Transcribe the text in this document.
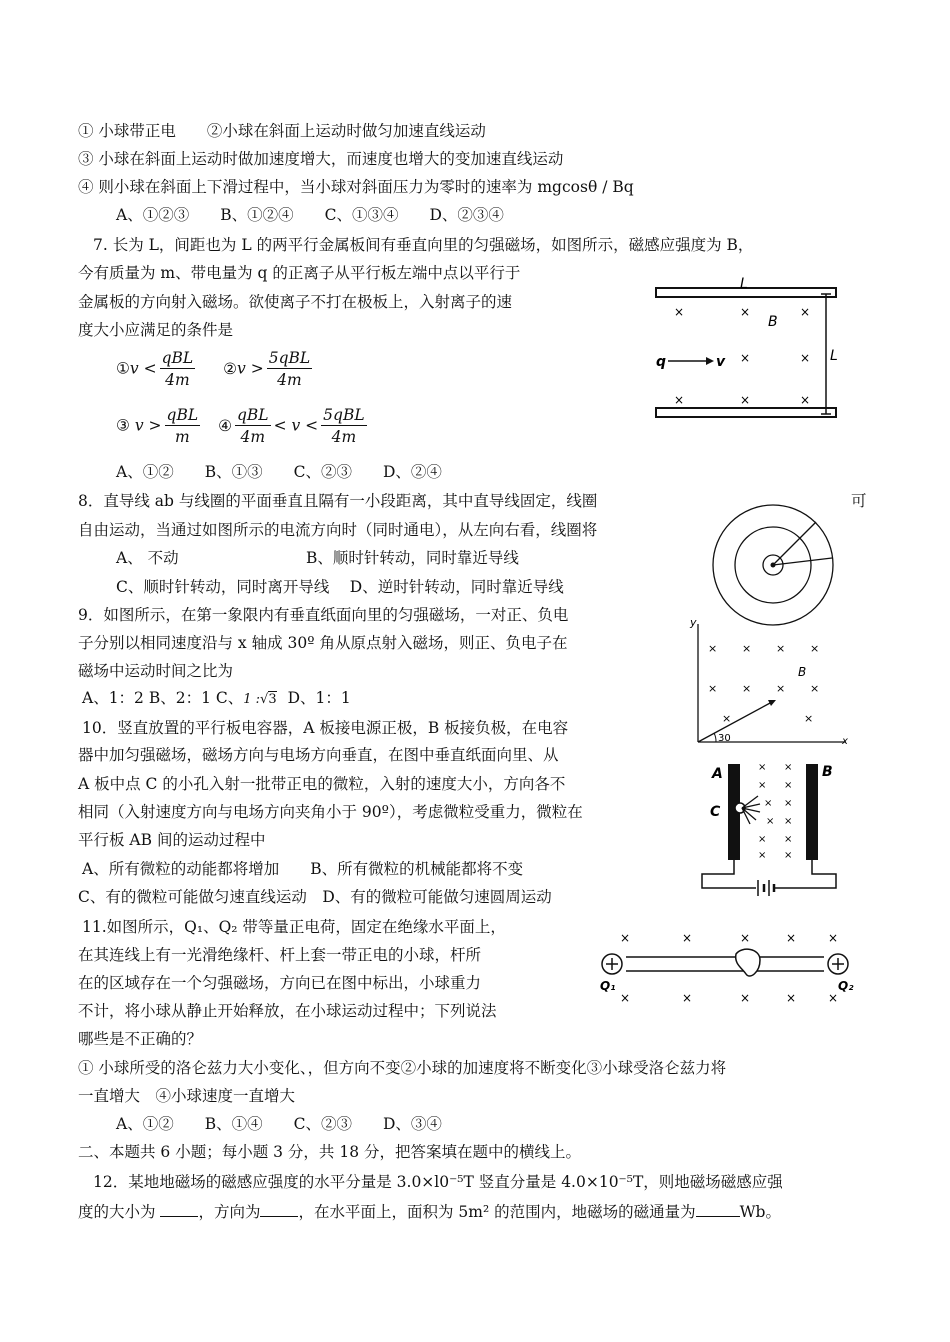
① 小球带正电 ②小球在斜面上运动时做匀加速直线运动
③ 小球在斜面上运动时做加速度增大，而速度也增大的变加速直线运动
④ 则小球在斜面上下滑过程中，当小球对斜面压力为零时的速率为 mgcosθ / Bq
A、①②③　　B、①②④　　C、①③④　　D、②③④
7. 长为 L，间距也为 L 的两平行金属板间有垂直向里的匀强磁场，如图所示，磁感应强度为 B，
今有质量为 m、带电量为 q 的正离子从平行板左端中点以平行于
金属板的方向射入磁场。欲使离子不打在极板上，入射离子的速
度大小应满足的条件是
①v < $\frac{\text{qBL}}{4m}$ ②v > $\frac{\text{5qBL}}{4m}$
③ $v > \frac{\text{qBL}}{m}$ ④ $\frac{\text{qBL}}{4m} < v < \frac{\text{5qBL}}{4m}$
A、①②　　B、①③　　C、②③　　D、②④
L
×	×	×
×	×
×	×	×
B
q	v	L
8．直导线 ab 与线圈的平面垂直且隔有一小段距离，其中直导线固定，线圈	可
自由运动，当通过如图所示的电流方向时（同时通电），从左向右看，线圈将
A、 不动	B、顺时针转动，同时靠近导线
C、顺时针转动，同时离开导线　 D、逆时针转动，同时靠近导线
9．如图所示，在第一象限内有垂直纸面向里的匀强磁场，一对正、负电
子分别以相同速度沿与 x 轴成 30º 角从原点射入磁场，则正、负电子在
磁场中运动时间之比为
A、1：2 B、2：1 C、1 :√3 D、1：1
y
x
× × × ×
× × × ×
×	×
B
30
10．竖直放置的平行板电容器，A 板接电源正极，B 板接负极，在电容
器中加匀强磁场，磁场方向与电场方向垂直，在图中垂直纸面向里、从
A 板中点 C 的小孔入射一批带正电的微粒，入射的速度大小，方向各不
相同（入射速度方向与电场方向夹角小于 90º），考虑微粒受重力，微粒在
平行板 AB 间的运动过程中
A、所有微粒的动能都将增加　　B、所有微粒的机械能都将不变
C、有的微粒可能做匀速直线运动　D、有的微粒可能做匀速圆周运动
A	B
C
× ×
× ×
× ×
× ×
× ×
× ×
11.如图所示，Q₁、Q₂ 带等量正电荷，固定在绝缘水平面上，
在其连线上有一光滑绝缘杆、杆上套一带正电的小球，杆所
在的区域存在一个匀强磁场，方向已在图中标出，小球重力
不计，将小球从静止开始释放，在小球运动过程中；下列说法
哪些是不正确的？
① 小球所受的洛仑兹力大小变化、，但方向不变②小球的加速度将不断变化③小球受洛仑兹力将
一直增大　④小球速度一直增大
A、①②　　B、①④　　C、②③　　D、③④
×	×	×	×	×
×	×	×	×	×
Q₁	Q₂
二、本题共 6 小题；每小题 3 分，共 18 分，把答案填在题中的横线上。
12．某地地磁场的磁感应强度的水平分量是 3.0×l0⁻⁵T 竖直分量是 4.0×10⁻⁵T，则地磁场磁感应强
度的大小为 ，方向为 ，在水平面上，面积为 5m² 的范围内，地磁场的磁通量为	Wb。
